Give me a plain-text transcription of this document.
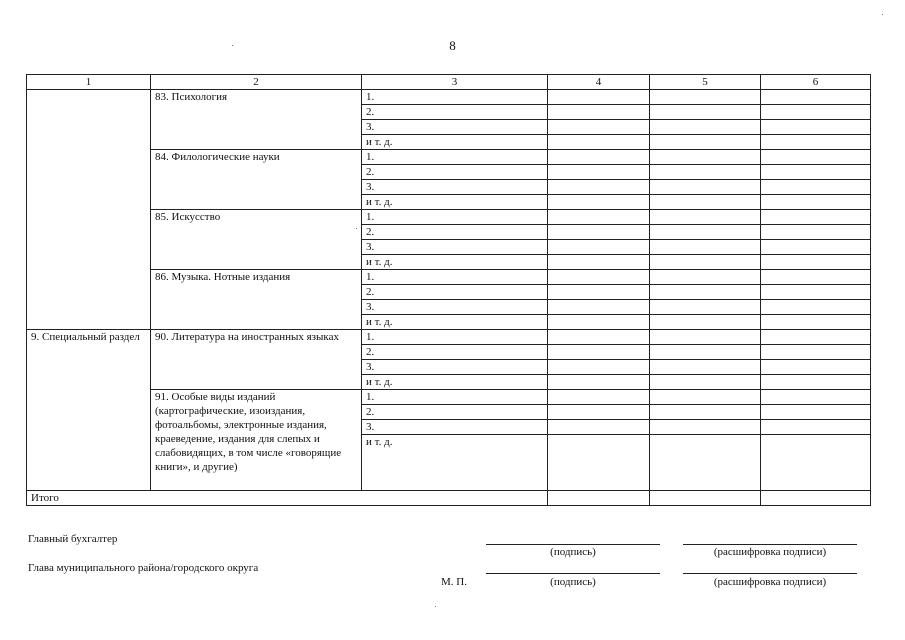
8
1	2	3	4	5	6
	83. Психология	1.			
		2.			
		3.			
		и т. д.			
	84. Филологические науки	1.			
		2.			
		3.			
		и т. д.			
	85. Искусство	1.			
		2.			
		3.			
		и т. д.			
	86. Музыка. Нотные издания	1.			
		2.			
		3.			
		и т. д.			
9. Специальный раздел	90. Литература на иностранных языках	1.			
		2.			
		3.			
		и т. д.			
	91. Особые виды изданий (картографические, изоиздания, фотоальбомы, электронные издания, краеведение, издания для слепых и слабовидящих, в том числе «говорящие книги», и другие)	1.			
		2.			
		3.			
		и т. д.			
Итого					
Главный бухгалтер
(подпись)	(расшифровка подписи)
Глава муниципального района/городского округа
М. П.	(подпись)	(расшифровка подписи)
